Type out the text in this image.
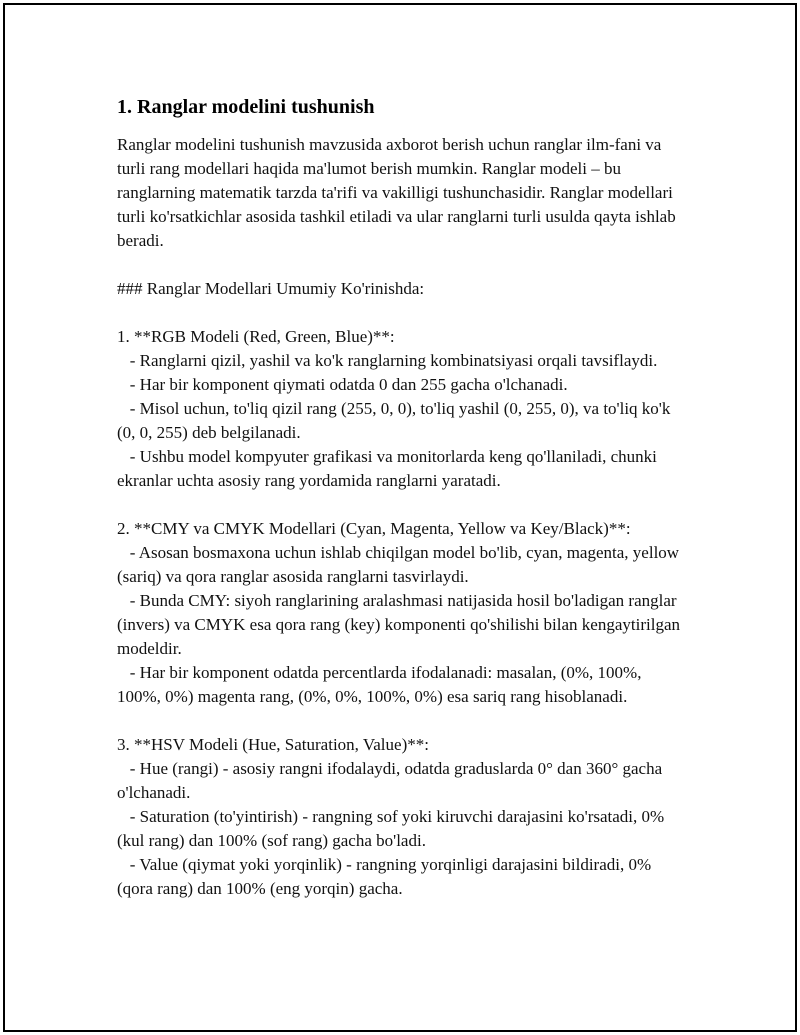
1. Ranglar modelini tushunish

Ranglar modelini tushunish mavzusida axborot berish uchun ranglar ilm-fani va turli rang modellari haqida ma'lumot berish mumkin. Ranglar modeli – bu ranglarning matematik tarzda ta'rifi va vakilligi tushunchasidir. Ranglar modellari turli ko'rsatkichlar asosida tashkil etiladi va ular ranglarni turli usulda qayta ishlab beradi.

### Ranglar Modellari Umumiy Ko'rinishda:

1. **RGB Modeli (Red, Green, Blue)**:

- Ranglarni qizil, yashil va ko'k ranglarning kombinatsiyasi orqali tavsiflaydi.

- Har bir komponent qiymati odatda 0 dan 255 gacha o'lchanadi.

- Misol uchun, to'liq qizil rang (255, 0, 0), to'liq yashil (0, 255, 0), va to'liq ko'k (0, 0, 255) deb belgilanadi.

- Ushbu model kompyuter grafikasi va monitorlarda keng qo'llaniladi, chunki ekranlar uchta asosiy rang yordamida ranglarni yaratadi.

2. **CMY va CMYK Modellari (Cyan, Magenta, Yellow va Key/Black)**:

- Asosan bosmaxona uchun ishlab chiqilgan model bo'lib, cyan, magenta, yellow (sariq) va qora ranglar asosida ranglarni tasvirlaydi.

- Bunda CMY: siyoh ranglarining aralashmasi natijasida hosil bo'ladigan ranglar (invers) va CMYK esa qora rang (key) komponenti qo'shilishi bilan kengaytirilgan modeldir.

- Har bir komponent odatda percentlarda ifodalanadi: masalan, (0%, 100%, 100%, 0%) magenta rang, (0%, 0%, 100%, 0%) esa sariq rang hisoblanadi.

3. **HSV Modeli (Hue, Saturation, Value)**:

- Hue (rangi) - asosiy rangni ifodalaydi, odatda graduslarda 0° dan 360° gacha o'lchanadi.

- Saturation (to'yintirish) - rangning sof yoki kiruvchi darajasini ko'rsatadi, 0% (kul rang) dan 100% (sof rang) gacha bo'ladi.

- Value (qiymat yoki yorqinlik) - rangning yorqinligi darajasini bildiradi, 0% (qora rang) dan 100% (eng yorqin) gacha.
